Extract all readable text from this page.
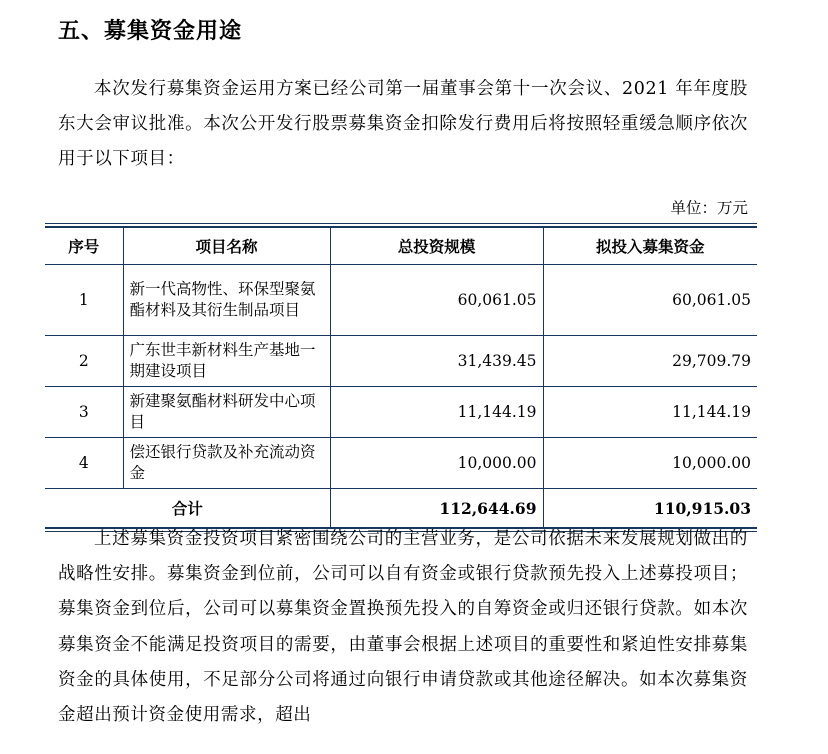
五、募集资金用途
本次发行募集资金运用方案已经公司第一届董事会第十一次会议、2021 年年度股东大会审议批准。本次公开发行股票募集资金扣除发行费用后将按照轻重缓急顺序依次用于以下项目：
单位：万元
序号	项目名称	总投资规模	拟投入募集资金
1	新一代高物性、环保型聚氨酯材料及其衍生制品项目	60,061.05	60,061.05
2	广东世丰新材料生产基地一期建设项目	31,439.45	29,709.79
3	新建聚氨酯材料研发中心项目	11,144.19	11,144.19
4	偿还银行贷款及补充流动资金	10,000.00	10,000.00
合计		112,644.69	110,915.03
上述募集资金投资项目紧密围绕公司的主营业务，是公司依据未来发展规划做出的战略性安排。募集资金到位前，公司可以自有资金或银行贷款预先投入上述募投项目；募集资金到位后，公司可以募集资金置换预先投入的自筹资金或归还银行贷款。如本次募集资金不能满足投资项目的需要，由董事会根据上述项目的重要性和紧迫性安排募集资金的具体使用，不足部分公司将通过向银行申请贷款或其他途径解决。如本次募集资金超出预计资金使用需求，超出
